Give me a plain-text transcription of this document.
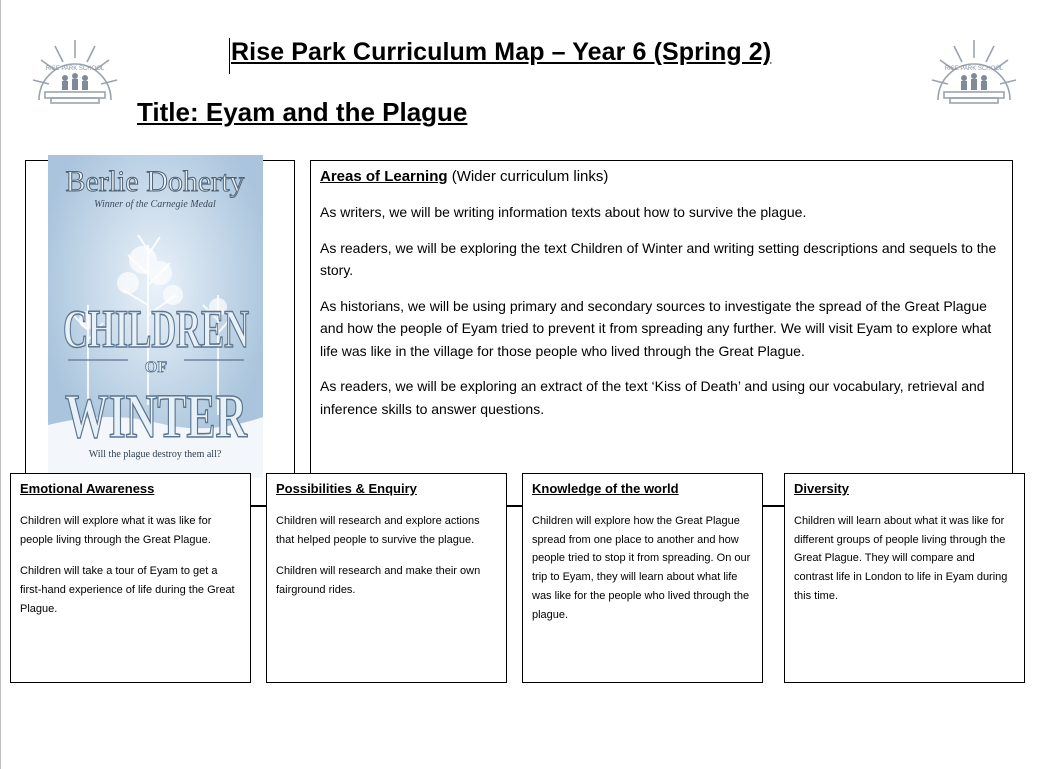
RISE PARK SCHOOL	RISE PARK SCHOOL
Rise Park Curriculum Map – Year 6 (Spring 2)
Title: Eyam and the Plague
Berlie Doherty
Winner of the Carnegie Medal
CHILDREN
OF
WINTER
Will the plague destroy them all?

Areas of Learning (Wider curriculum links)

As writers, we will be writing information texts about how to survive the plague.

As readers, we will be exploring the text Children of Winter and writing setting descriptions and sequels to the story.

As historians, we will be using primary and secondary sources to investigate the spread of the Great Plague and how the people of Eyam tried to prevent it from spreading any further. We will visit Eyam to explore what life was like in the village for those people who lived through the Great Plague.

As readers, we will be exploring an extract of the text ‘Kiss of Death’ and using our vocabulary, retrieval and inference skills to answer questions.

Emotional Awareness

Children will explore what it was like for people living through the Great Plague.

Children will take a tour of Eyam to get a first-hand experience of life during the Great Plague.

Possibilities & Enquiry

Children will research and explore actions that helped people to survive the plague.

Children will research and make their own fairground rides.

Knowledge of the world

Children will explore how the Great Plague spread from one place to another and how people tried to stop it from spreading. On our trip to Eyam, they will learn about what life was like for the people who lived through the plague.

Diversity

Children will learn about what it was like for different groups of people living through the Great Plague. They will compare and contrast life in London to life in Eyam during this time.
